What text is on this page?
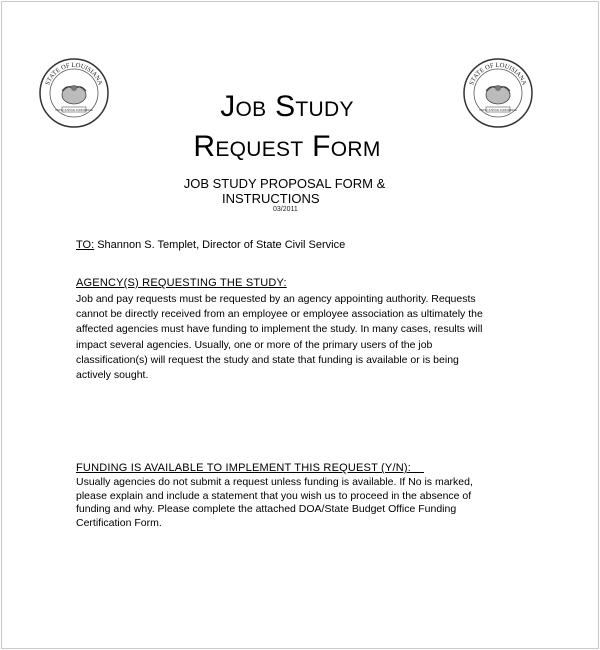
STATE OF LOUISIANA
UNION JUSTICE CONFIDENCE
STATE OF LOUISIANA
UNION JUSTICE CONFIDENCE
Job Study
Request Form
JOB STUDY PROPOSAL FORM &
INSTRUCTIONS
03/2011
TO: Shannon S. Templet, Director of State Civil Service
AGENCY(S) REQUESTING THE STUDY:
Job and pay requests must be requested by an agency appointing authority. Requests
cannot be directly received from an employee or employee association as ultimately the
affected agencies must have funding to implement the study. In many cases, results will
impact several agencies. Usually, one or more of the primary users of the job
classification(s) will request the study and state that funding is available or is being
actively sought.
FUNDING IS AVAILABLE TO IMPLEMENT THIS REQUEST (Y/N):
Usually agencies do not submit a request unless funding is available. If No is marked,
please explain and include a statement that you wish us to proceed in the absence of
funding and why. Please complete the attached DOA/State Budget Office Funding
Certification Form.
